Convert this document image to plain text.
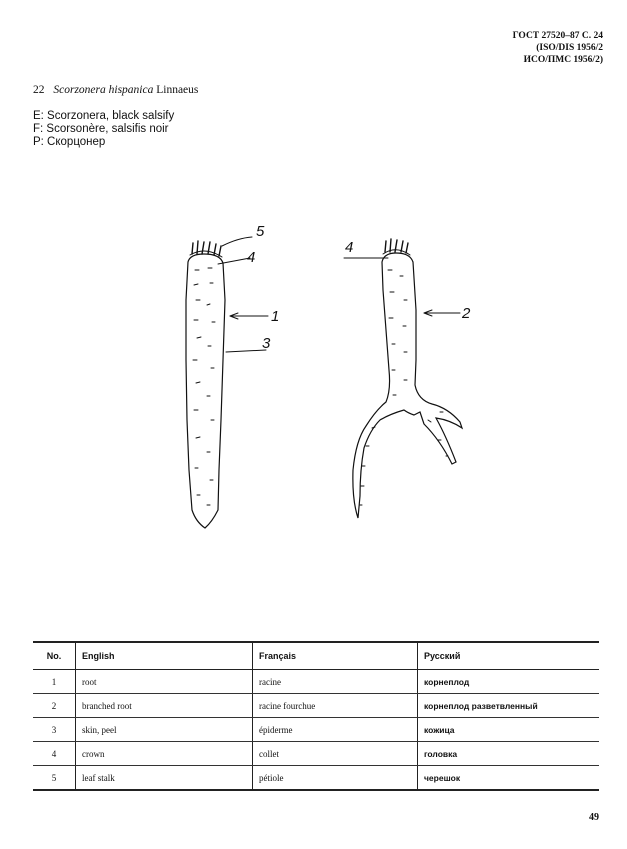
ГОСТ 27520–87 С. 24
(ISO/DIS 1956/2
ИСО/ПМС 1956/2)
22 Scorzonera hispanica Linnaeus
E: Scorzonera, black salsify
F: Scorsonère, salsifis noir
P: Скорцонер
5
4
1
3
4
2
No.	English	Français	Русский
1	root	racine	корнеплод
2	branched root	racine fourchue	корнеплод разветвленный
3	skin, peel	épiderme	кожица
4	crown	collet	головка
5	leaf stalk	pétiole	черешок
49
